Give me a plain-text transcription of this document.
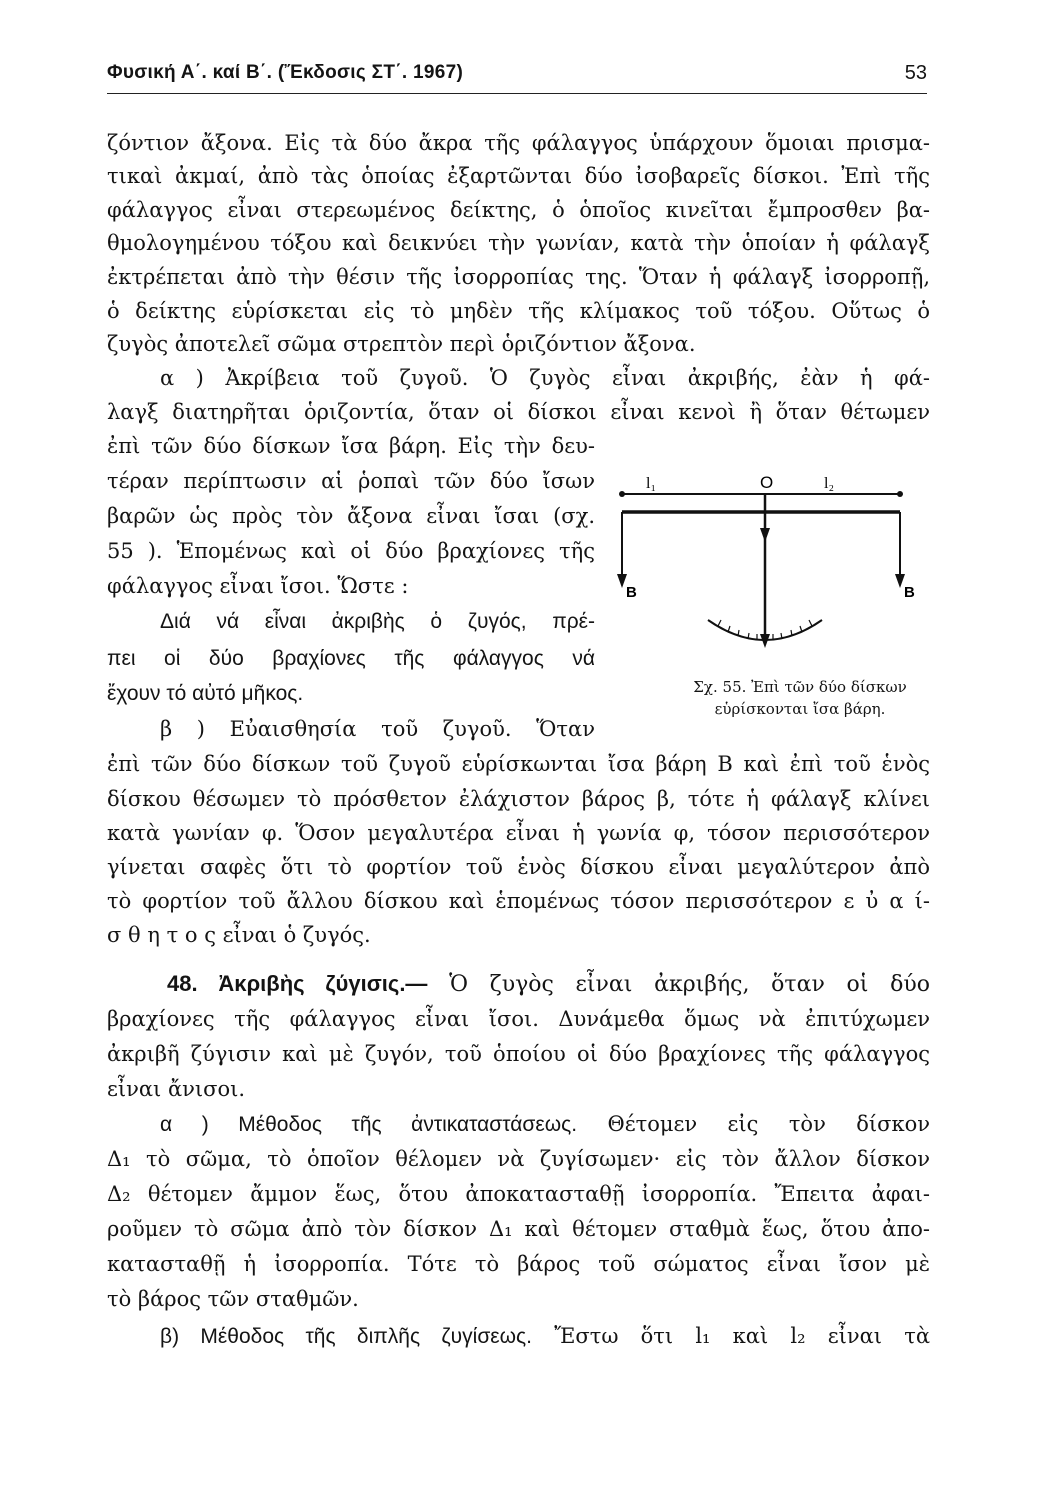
Φυσική Α΄. καί Β΄. (Ἔκδοσις ΣΤ΄. 1967)	53
ζόντιον ἄξονα. Εἰς τὰ δύο ἄκρα τῆς φάλαγγος ὑπάρχουν ὅμοιαι πρισμα-
τικαὶ ἀκμαί, ἀπὸ τὰς ὁποίας ἐξαρτῶνται δύο ἰσοβαρεῖς δίσκοι. Ἐπὶ τῆς
φάλαγγος εἶναι στερεωμένος δείκτης, ὁ ὁποῖος κινεῖται ἔμπροσθεν βα-
θμολογημένου τόξου καὶ δεικνύει τὴν γωνίαν, κατὰ τὴν ὁποίαν ἡ φάλαγξ
ἐκτρέπεται ἀπὸ τὴν θέσιν τῆς ἰσορροπίας της. Ὅταν ἡ φάλαγξ ἰσορροπῇ,
ὁ δείκτης εὑρίσκεται εἰς τὸ μηδὲν τῆς κλίμακος τοῦ τόξου. Οὕτως ὁ
ζυγὸς ἀποτελεῖ σῶμα στρεπτὸν περὶ ὁριζόντιον ἄξονα.
α ) Ἀκρίβεια τοῦ ζυγοῦ. Ὁ ζυγὸς εἶναι ἀκριβής, ἐὰν ἡ φά-
λαγξ διατηρῆται ὁριζοντία, ὅταν οἱ δίσκοι εἶναι κενοὶ ἢ ὅταν θέτωμεν
ἐπὶ τῶν δύο δίσκων ἴσα βάρη. Εἰς τὴν δευ-
τέραν περίπτωσιν αἱ ῥοπαὶ τῶν δύο ἴσων
βαρῶν ὡς πρὸς τὸν ἄξονα εἶναι ἴσαι (σχ.
55 ). Ἑπομένως καὶ οἱ δύο βραχίονες τῆς
φάλαγγος εἶναι ἴσοι. Ὥστε :
Διά νά εἶναι ἀκριβὴς ὁ ζυγός, πρέ-
πει οἱ δύο βραχίονες τῆς φάλαγγος νά
ἔχουν τό αὐτό μῆκος.
β ) Εὐαισθησία τοῦ ζυγοῦ. Ὅταν
l₁	O	l₂
B	B
Σχ. 55. Ἐπὶ τῶν δύο δίσκων
εὑρίσκονται ἴσα βάρη.
ἐπὶ τῶν δύο δίσκων τοῦ ζυγοῦ εὑρίσκωνται ἴσα βάρη B καὶ ἐπὶ τοῦ ἑνὸς
δίσκου θέσωμεν τὸ πρόσθετον ἐλάχιστον βάρος β, τότε ἡ φάλαγξ κλίνει
κατὰ γωνίαν φ. Ὅσον μεγαλυτέρα εἶναι ἡ γωνία φ, τόσον περισσότερον
γίνεται σαφὲς ὅτι τὸ φορτίον τοῦ ἑνὸς δίσκου εἶναι μεγαλύτερον ἀπὸ
τὸ φορτίον τοῦ ἄλλου δίσκου καὶ ἑπομένως τόσον περισσότερον ε ὐ α ί-
σ θ η τ ο ς εἶναι ὁ ζυγός.
48. Ἀκριβὴς ζύγισις.— Ὁ ζυγὸς εἶναι ἀκριβής, ὅταν οἱ δύο
βραχίονες τῆς φάλαγγος εἶναι ἴσοι. Δυνάμεθα ὅμως νὰ ἐπιτύχωμεν
ἀκριβῆ ζύγισιν καὶ μὲ ζυγόν, τοῦ ὁποίου οἱ δύο βραχίονες τῆς φάλαγγος
εἶναι ἄνισοι.
α ) Μέθοδος τῆς ἀντικαταστάσεως. Θέτομεν εἰς τὸν δίσκον
Δ₁ τὸ σῶμα, τὸ ὁποῖον θέλομεν νὰ ζυγίσωμεν· εἰς τὸν ἄλλον δίσκον
Δ₂ θέτομεν ἄμμον ἕως, ὅτου ἀποκατασταθῇ ἰσορροπία. Ἔπειτα ἀφαι-
ροῦμεν τὸ σῶμα ἀπὸ τὸν δίσκον Δ₁ καὶ θέτομεν σταθμὰ ἕως, ὅτου ἀπο-
κατασταθῇ ἡ ἰσορροπία. Τότε τὸ βάρος τοῦ σώματος εἶναι ἴσον μὲ
τὸ βάρος τῶν σταθμῶν.
β) Μέθοδος τῆς διπλῆς ζυγίσεως. Ἔστω ὅτι l₁ καὶ l₂ εἶναι τὰ
